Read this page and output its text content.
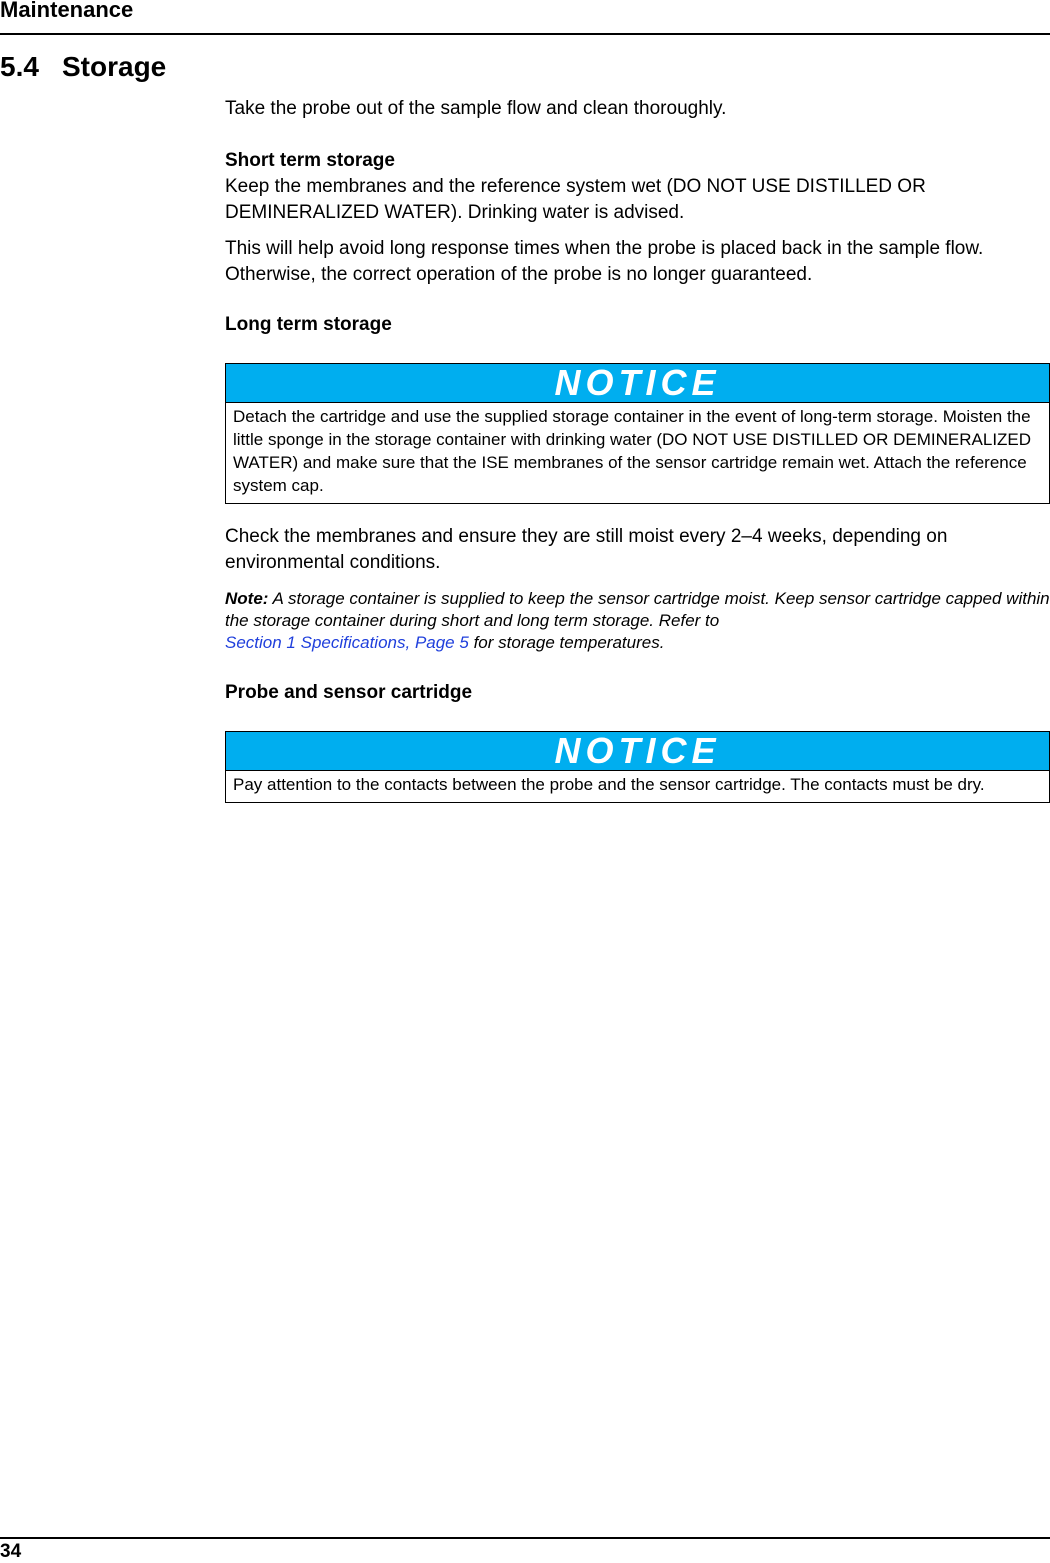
Maintenance
5.4 Storage

Take the probe out of the sample flow and clean thoroughly.

Short term storage

Keep the membranes and the reference system wet (DO NOT USE DISTILLED OR DEMINERALIZED WATER). Drinking water is advised.

This will help avoid long response times when the probe is placed back in the sample flow. Otherwise, the correct operation of the probe is no longer guaranteed.

Long term storage

NOTICE
Detach the cartridge and use the supplied storage container in the event of long-term storage. Moisten the little sponge in the storage container with drinking water (DO NOT USE DISTILLED OR DEMINERALIZED WATER) and make sure that the ISE membranes of the sensor cartridge remain wet. Attach the reference system cap.

Check the membranes and ensure they are still moist every 2–4 weeks, depending on environmental conditions.

Note: A storage container is supplied to keep the sensor cartridge moist. Keep sensor cartridge capped within the storage container during short and long term storage. Refer to
Section 1 Specifications, Page 5 for storage temperatures.

Probe and sensor cartridge

NOTICE
Pay attention to the contacts between the probe and the sensor cartridge. The contacts must be dry.
34
